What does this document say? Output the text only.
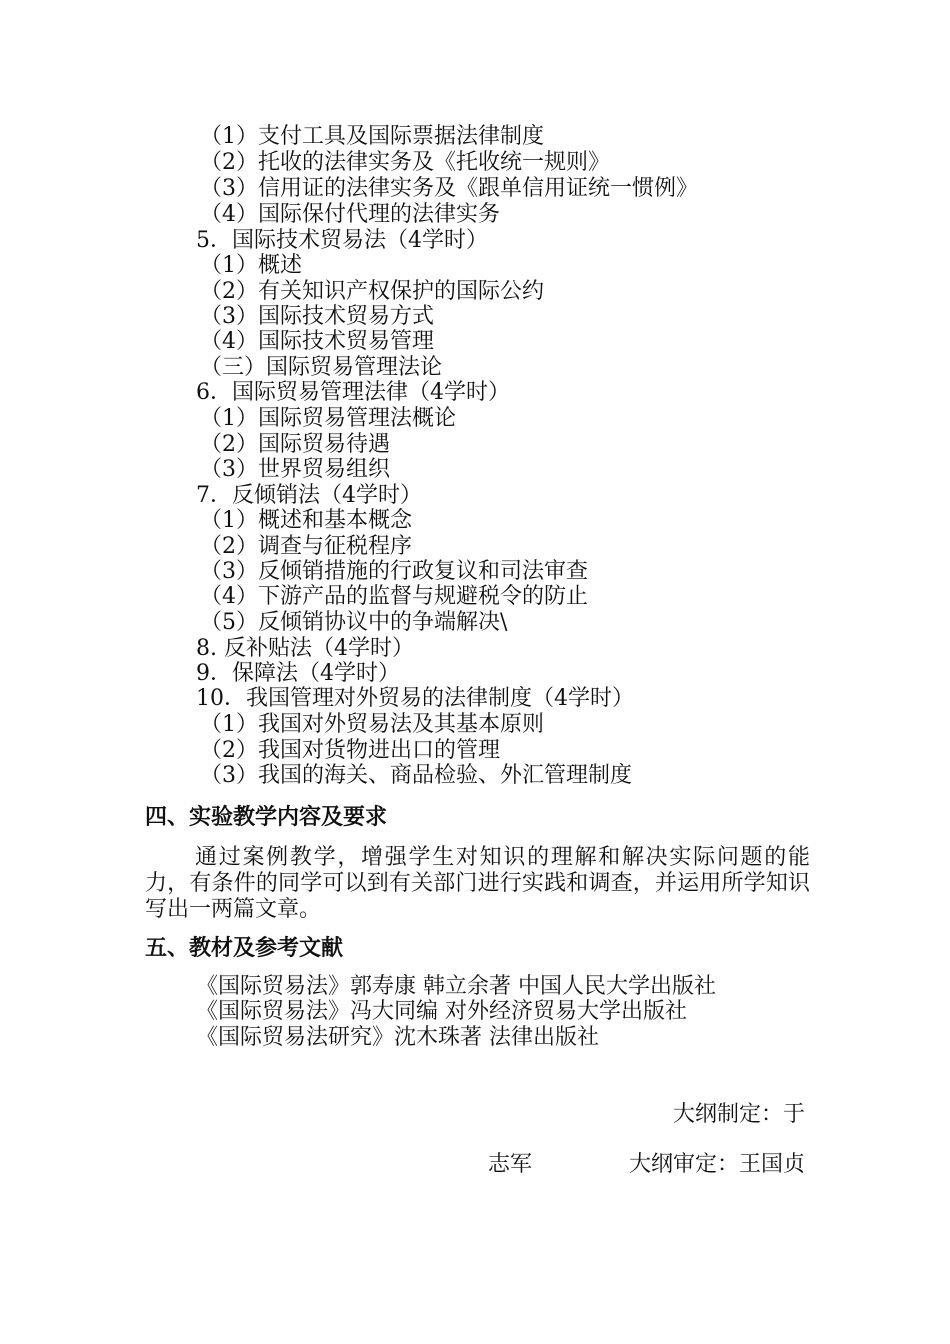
（1）支付工具及国际票据法律制度
（2）托收的法律实务及《托收统一规则》
（3）信用证的法律实务及《跟单信用证统一惯例》
（4）国际保付代理的法律实务
5．国际技术贸易法（4学时）
（1）概述
（2）有关知识产权保护的国际公约
（3）国际技术贸易方式
（4）国际技术贸易管理
（三）国际贸易管理法论
6．国际贸易管理法律（4学时）
（1）国际贸易管理法概论
（2）国际贸易待遇
（3）世界贸易组织
7．反倾销法（4学时）
（1）概述和基本概念
（2）调查与征税程序
（3）反倾销措施的行政复议和司法审查
（4）下游产品的监督与规避税令的防止
（5）反倾销协议中的争端解决\
8. 反补贴法（4学时）
9．保障法（4学时）
10．我国管理对外贸易的法律制度（4学时）
（1）我国对外贸易法及其基本原则
（2）我国对货物进出口的管理
（3）我国的海关、商品检验、外汇管理制度
四、实验教学内容及要求
通过案例教学，增强学生对知识的理解和解决实际问题的能力，有条件的同学可以到有关部门进行实践和调查，并运用所学知识写出一两篇文章。
五、教材及参考文献
《国际贸易法》郭寿康 韩立余著 中国人民大学出版社
《国际贸易法》冯大同编 对外经济贸易大学出版社
《国际贸易法研究》沈木珠著 法律出版社
大纲制定：于
志军	大纲审定：王国贞
